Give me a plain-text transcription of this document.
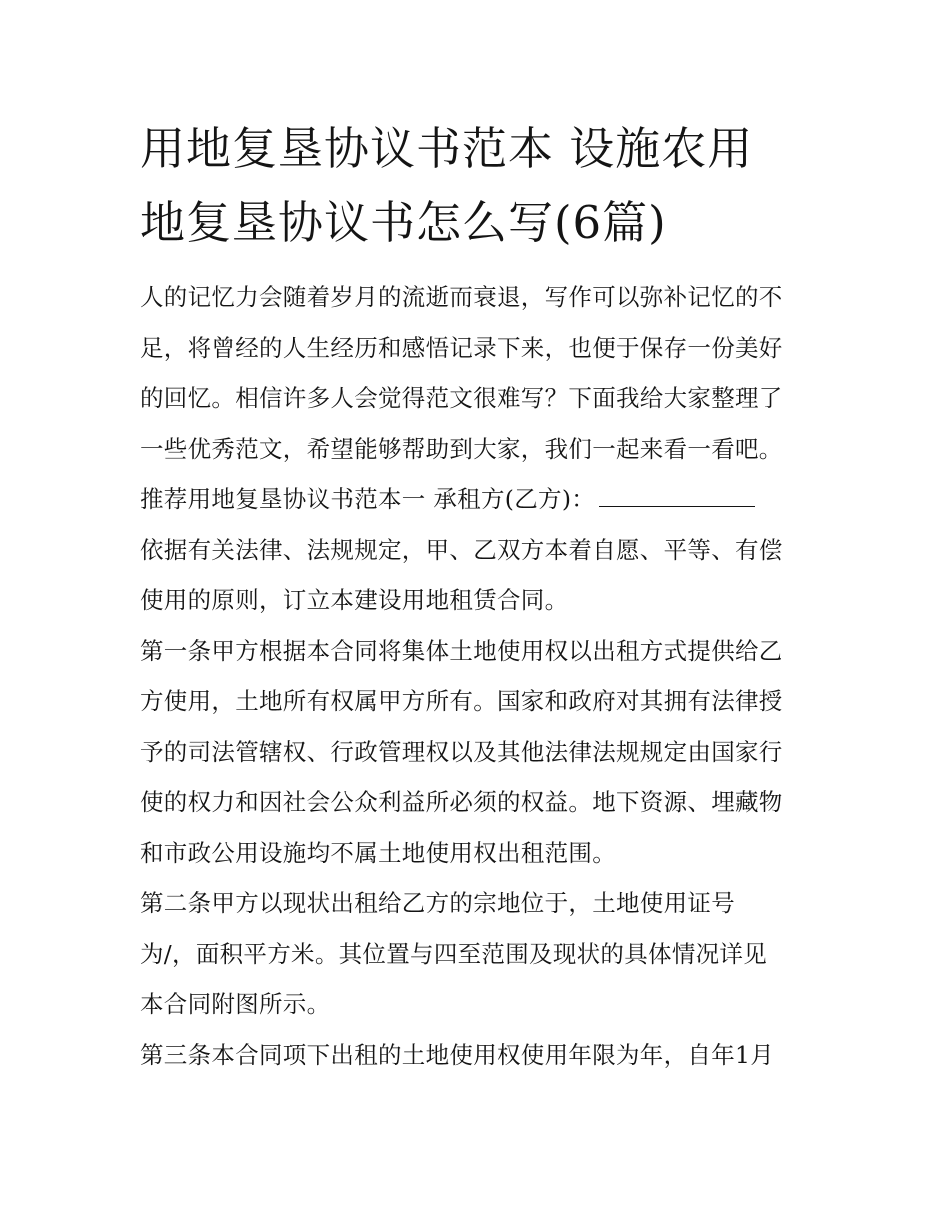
用地复垦协议书范本 设施农用
地复垦协议书怎么写(6篇)
人的记忆力会随着岁月的流逝而衰退，写作可以弥补记忆的不
足，将曾经的人生经历和感悟记录下来，也便于保存一份美好
的回忆。相信许多人会觉得范文很难写？下面我给大家整理了
一些优秀范文，希望能够帮助到大家，我们一起来看一看吧。
推荐用地复垦协议书范本一 承租方(乙方)：
依据有关法律、法规规定，甲、乙双方本着自愿、平等、有偿
使用的原则，订立本建设用地租赁合同。
第一条甲方根据本合同将集体土地使用权以出租方式提供给乙
方使用，土地所有权属甲方所有。国家和政府对其拥有法律授
予的司法管辖权、行政管理权以及其他法律法规规定由国家行
使的权力和因社会公众利益所必须的权益。地下资源、埋藏物
和市政公用设施均不属土地使用权出租范围。
第二条甲方以现状出租给乙方的宗地位于，土地使用证号
为/，面积平方米。其位置与四至范围及现状的具体情况详见
本合同附图所示。
第三条本合同项下出租的土地使用权使用年限为年，自年1月
